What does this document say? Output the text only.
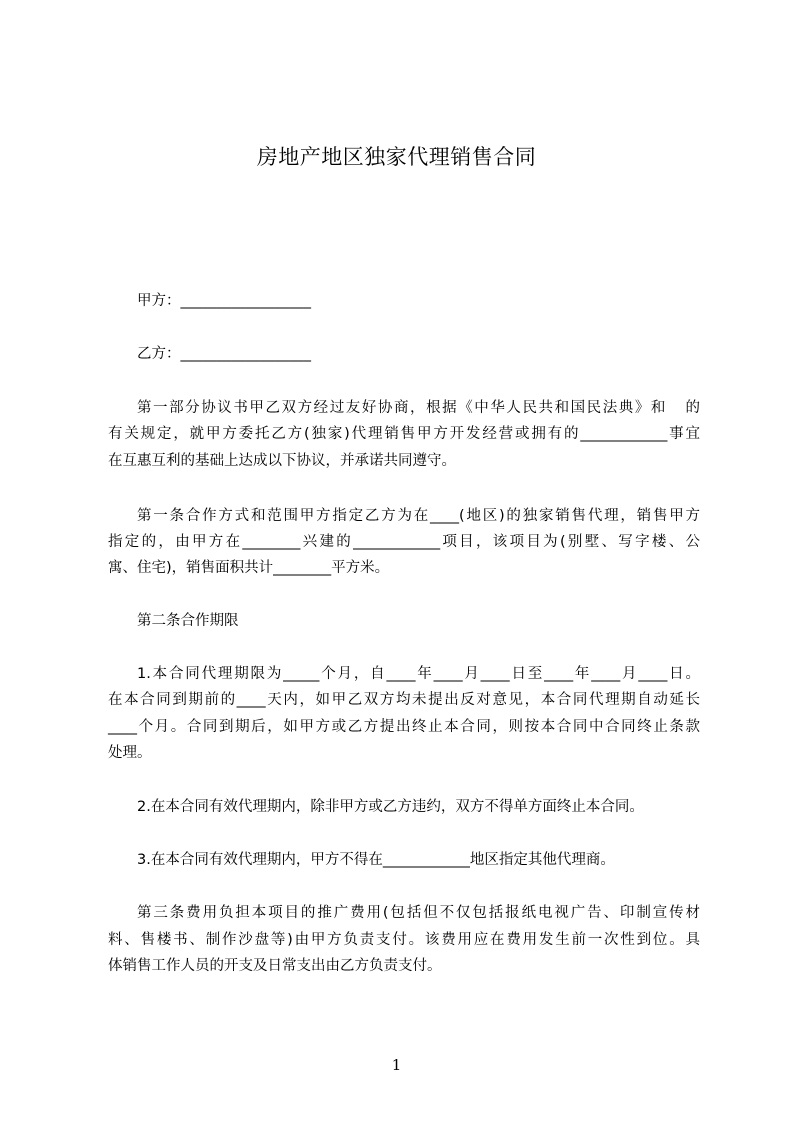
房地产地区独家代理销售合同
甲方：__________________
乙方：__________________
第一部分协议书甲乙双方经过友好协商，根据《中华人民共和国民法典》和   的
有关规定，就甲方委托乙方(独家)代理销售甲方开发经营或拥有的____________事宜
在互惠互利的基础上达成以下协议，并承诺共同遵守。
第一条合作方式和范围甲方指定乙方为在____(地区)的独家销售代理，销售甲方
指定的，由甲方在________兴建的____________项目，该项目为(别墅、写字楼、公
寓、住宅)，销售面积共计________平方米。
第二条合作期限
1.本合同代理期限为_____个月，自____年____月____日至____年____月____日。
在本合同到期前的____天内，如甲乙双方均未提出反对意见，本合同代理期自动延长
____个月。合同到期后，如甲方或乙方提出终止本合同，则按本合同中合同终止条款
处理。
2.在本合同有效代理期内，除非甲方或乙方违约，双方不得单方面终止本合同。
3.在本合同有效代理期内，甲方不得在____________地区指定其他代理商。
第三条费用负担本项目的推广费用(包括但不仅包括报纸电视广告、印制宣传材
料、售楼书、制作沙盘等)由甲方负责支付。该费用应在费用发生前一次性到位。具
体销售工作人员的开支及日常支出由乙方负责支付。
1
